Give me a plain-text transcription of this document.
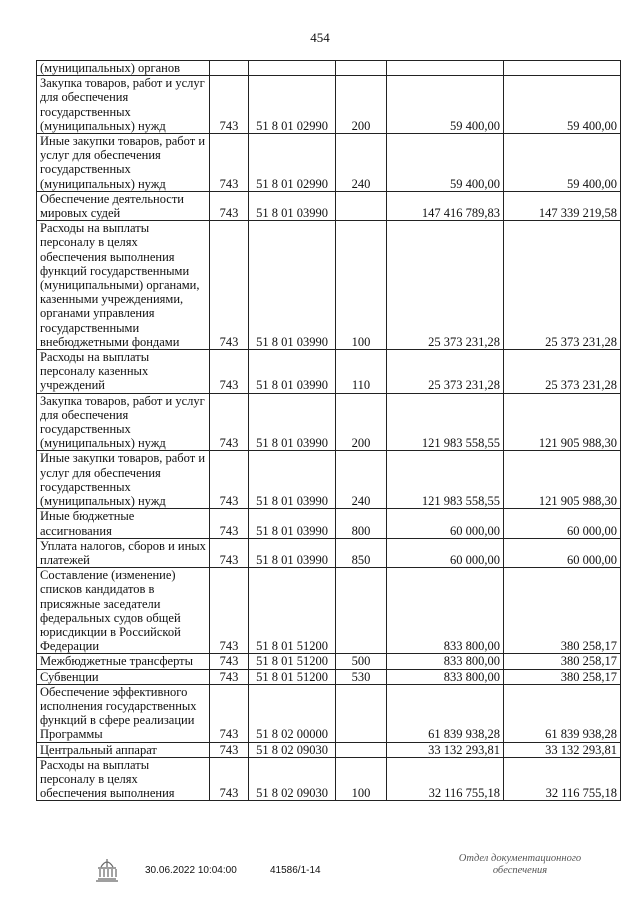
454
(муниципальных) органов					
Закупка товаров, работ и услуг для обеспечения государственных (муниципальных) нужд	743	51 8 01 02990	200	59 400,00	59 400,00
Иные закупки товаров, работ и услуг для обеспечения государственных (муниципальных) нужд	743	51 8 01 02990	240	59 400,00	59 400,00
Обеспечение деятельности мировых судей	743	51 8 01 03990		147 416 789,83	147 339 219,58
Расходы на выплаты персоналу в целях обеспечения выполнения функций государственными (муниципальными) органами, казенными учреждениями, органами управления государственными внебюджетными фондами	743	51 8 01 03990	100	25 373 231,28	25 373 231,28
Расходы на выплаты персоналу казенных учреждений	743	51 8 01 03990	110	25 373 231,28	25 373 231,28
Закупка товаров, работ и услуг для обеспечения государственных (муниципальных) нужд	743	51 8 01 03990	200	121 983 558,55	121 905 988,30
Иные закупки товаров, работ и услуг для обеспечения государственных (муниципальных) нужд	743	51 8 01 03990	240	121 983 558,55	121 905 988,30
Иные бюджетные ассигнования	743	51 8 01 03990	800	60 000,00	60 000,00
Уплата налогов, сборов и иных платежей	743	51 8 01 03990	850	60 000,00	60 000,00
Составление (изменение) списков кандидатов в присяжные заседатели федеральных судов общей юрисдикции в Российской Федерации	743	51 8 01 51200		833 800,00	380 258,17
Межбюджетные трансферты	743	51 8 01 51200	500	833 800,00	380 258,17
Субвенции	743	51 8 01 51200	530	833 800,00	380 258,17
Обеспечение эффективного исполнения государственных функций в сфере реализации Программы	743	51 8 02 00000		61 839 938,28	61 839 938,28
Центральный аппарат	743	51 8 02 09030		33 132 293,81	33 132 293,81
Расходы на выплаты персоналу в целях обеспечения выполнения	743	51 8 02 09030	100	32 116 755,18	32 116 755,18
30.06.2022 10:04:00	41586/1-14
Отдел документационного обеспечения
